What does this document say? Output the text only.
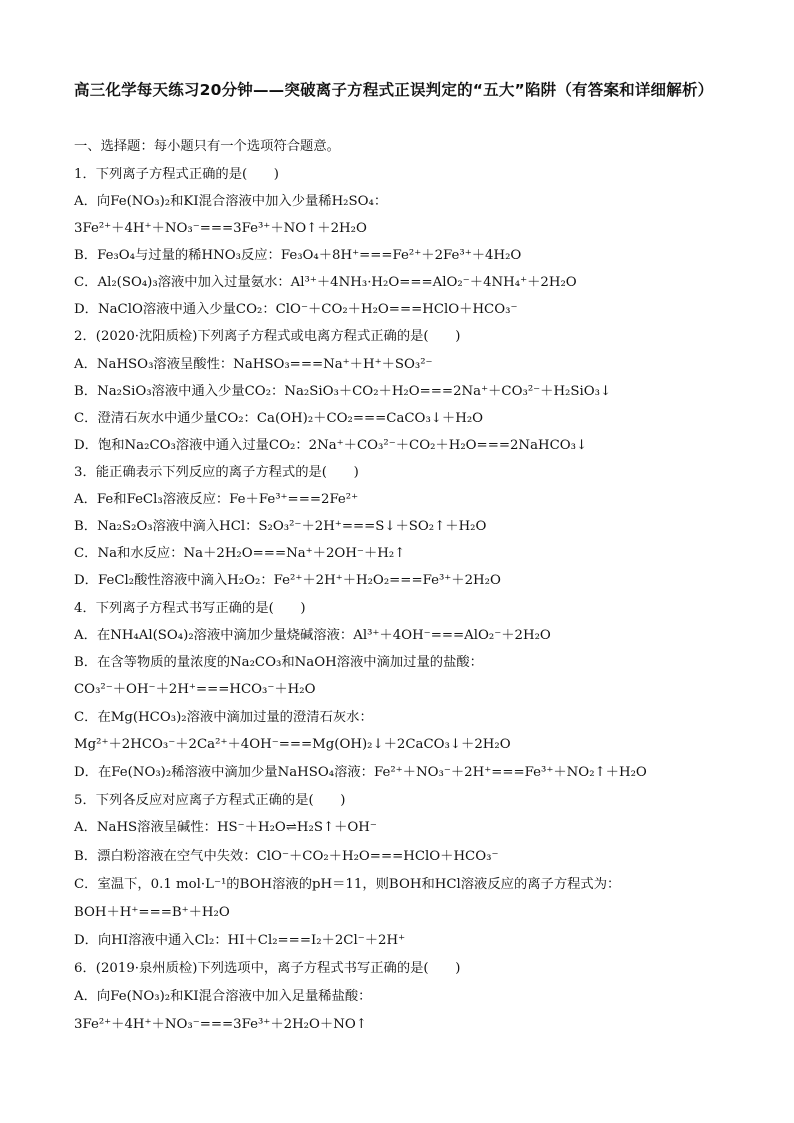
高三化学每天练习20分钟——突破离子方程式正误判定的“五大”陷阱（有答案和详细解析）
一、选择题：每小题只有一个选项符合题意。
1．下列离子方程式正确的是(　　)
A．向Fe(NO₃)₂和KI混合溶液中加入少量稀H₂SO₄：
3Fe²⁺＋4H⁺＋NO₃⁻===3Fe³⁺＋NO↑＋2H₂O
B．Fe₃O₄与过量的稀HNO₃反应：Fe₃O₄＋8H⁺===Fe²⁺＋2Fe³⁺＋4H₂O
C．Al₂(SO₄)₃溶液中加入过量氨水：Al³⁺＋4NH₃·H₂O===AlO₂⁻＋4NH₄⁺＋2H₂O
D．NaClO溶液中通入少量CO₂：ClO⁻＋CO₂＋H₂O===HClO＋HCO₃⁻
2．(2020·沈阳质检)下列离子方程式或电离方程式正确的是(　　)
A．NaHSO₃溶液呈酸性：NaHSO₃===Na⁺＋H⁺＋SO₃²⁻
B．Na₂SiO₃溶液中通入少量CO₂：Na₂SiO₃＋CO₂＋H₂O===2Na⁺＋CO₃²⁻＋H₂SiO₃↓
C．澄清石灰水中通少量CO₂：Ca(OH)₂＋CO₂===CaCO₃↓＋H₂O
D．饱和Na₂CO₃溶液中通入过量CO₂：2Na⁺＋CO₃²⁻＋CO₂＋H₂O===2NaHCO₃↓
3．能正确表示下列反应的离子方程式的是(　　)
A．Fe和FeCl₃溶液反应：Fe＋Fe³⁺===2Fe²⁺
B．Na₂S₂O₃溶液中滴入HCl：S₂O₃²⁻＋2H⁺===S↓＋SO₂↑＋H₂O
C．Na和水反应：Na＋2H₂O===Na⁺＋2OH⁻＋H₂↑
D．FeCl₂酸性溶液中滴入H₂O₂：Fe²⁺＋2H⁺＋H₂O₂===Fe³⁺＋2H₂O
4．下列离子方程式书写正确的是(　　)
A．在NH₄Al(SO₄)₂溶液中滴加少量烧碱溶液：Al³⁺＋4OH⁻===AlO₂⁻＋2H₂O
B．在含等物质的量浓度的Na₂CO₃和NaOH溶液中滴加过量的盐酸：
CO₃²⁻＋OH⁻＋2H⁺===HCO₃⁻＋H₂O
C．在Mg(HCO₃)₂溶液中滴加过量的澄清石灰水：
Mg²⁺＋2HCO₃⁻＋2Ca²⁺＋4OH⁻===Mg(OH)₂↓＋2CaCO₃↓＋2H₂O
D．在Fe(NO₃)₂稀溶液中滴加少量NaHSO₄溶液：Fe²⁺＋NO₃⁻＋2H⁺===Fe³⁺＋NO₂↑＋H₂O
5．下列各反应对应离子方程式正确的是(　　)
A．NaHS溶液呈碱性：HS⁻＋H₂O⇌H₂S↑＋OH⁻
B．漂白粉溶液在空气中失效：ClO⁻＋CO₂＋H₂O===HClO＋HCO₃⁻
C．室温下，0.1 mol·L⁻¹的BOH溶液的pH＝11，则BOH和HCl溶液反应的离子方程式为：
BOH＋H⁺===B⁺＋H₂O
D．向HI溶液中通入Cl₂：HI＋Cl₂===I₂＋2Cl⁻＋2H⁺
6．(2019·泉州质检)下列选项中，离子方程式书写正确的是(　　)
A．向Fe(NO₃)₂和KI混合溶液中加入足量稀盐酸：
3Fe²⁺＋4H⁺＋NO₃⁻===3Fe³⁺＋2H₂O＋NO↑
